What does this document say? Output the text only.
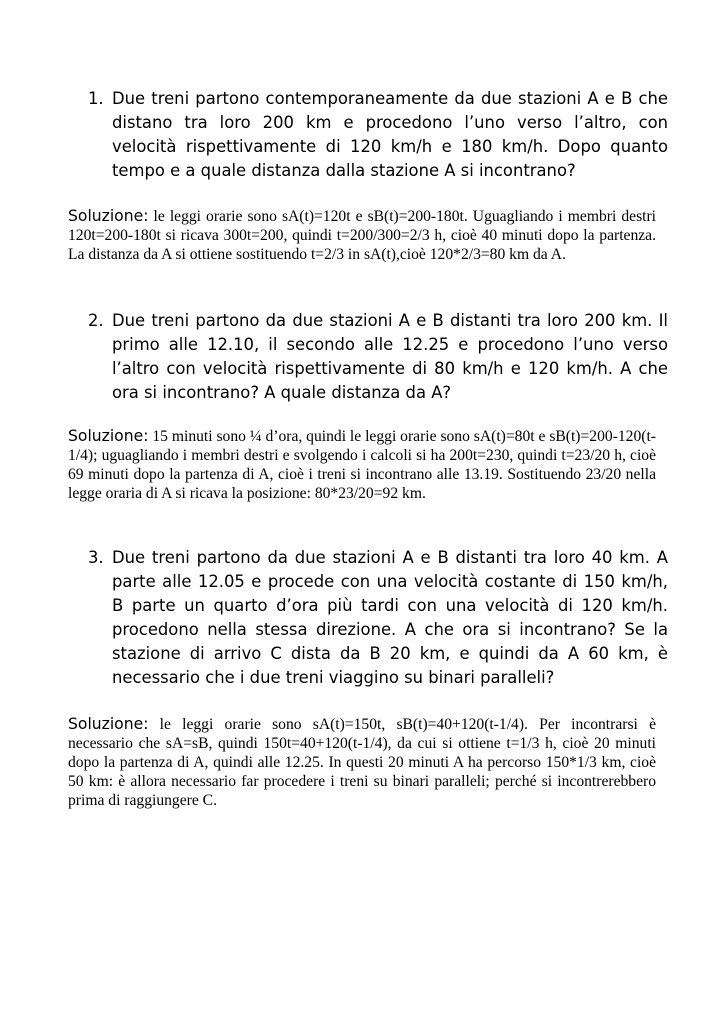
1. Due treni partono contemporaneamente da due stazioni A e B che distano tra loro 200 km e procedono l’uno verso l’altro, con velocità rispettivamente di 120 km/h e 180 km/h. Dopo quanto tempo e a quale distanza dalla stazione A si incontrano?
Soluzione: le leggi orarie sono sA(t)=120t e sB(t)=200-180t. Uguagliando i membri destri 120t=200-180t si ricava 300t=200, quindi t=200/300=2/3 h, cioè 40 minuti dopo la partenza. La distanza da A si ottiene sostituendo t=2/3 in sA(t),cioè 120*2/3=80 km da A.
2. Due treni partono da due stazioni A e B distanti tra loro 200 km. Il primo alle 12.10, il secondo alle 12.25 e procedono l’uno verso l’altro con velocità rispettivamente di 80 km/h e 120 km/h. A che ora si incontrano? A quale distanza da A?
Soluzione: 15 minuti sono ¼ d’ora, quindi le leggi orarie sono sA(t)=80t e sB(t)=200-120(t-1/4); uguagliando i membri destri e svolgendo i calcoli si ha 200t=230, quindi t=23/20 h, cioè 69 minuti dopo la partenza di A, cioè i treni si incontrano alle 13.19. Sostituendo 23/20 nella legge oraria di A si ricava la posizione: 80*23/20=92 km.
3. Due treni partono da due stazioni A e B distanti tra loro 40 km. A parte alle 12.05 e procede con una velocità costante di 150 km/h, B parte un quarto d’ora più tardi con una velocità di 120 km/h. procedono nella stessa direzione. A che ora si incontrano? Se la stazione di arrivo C dista da B 20 km, e quindi da A 60 km, è necessario che i due treni viaggino su binari paralleli?
Soluzione: le leggi orarie sono sA(t)=150t, sB(t)=40+120(t-1/4). Per incontrarsi è necessario che sA=sB, quindi 150t=40+120(t-1/4), da cui si ottiene t=1/3 h, cioè 20 minuti dopo la partenza di A, quindi alle 12.25. In questi 20 minuti A ha percorso 150*1/3 km, cioè 50 km: è allora necessario far procedere i treni su binari paralleli; perché si incontrerebbero prima di raggiungere C.
